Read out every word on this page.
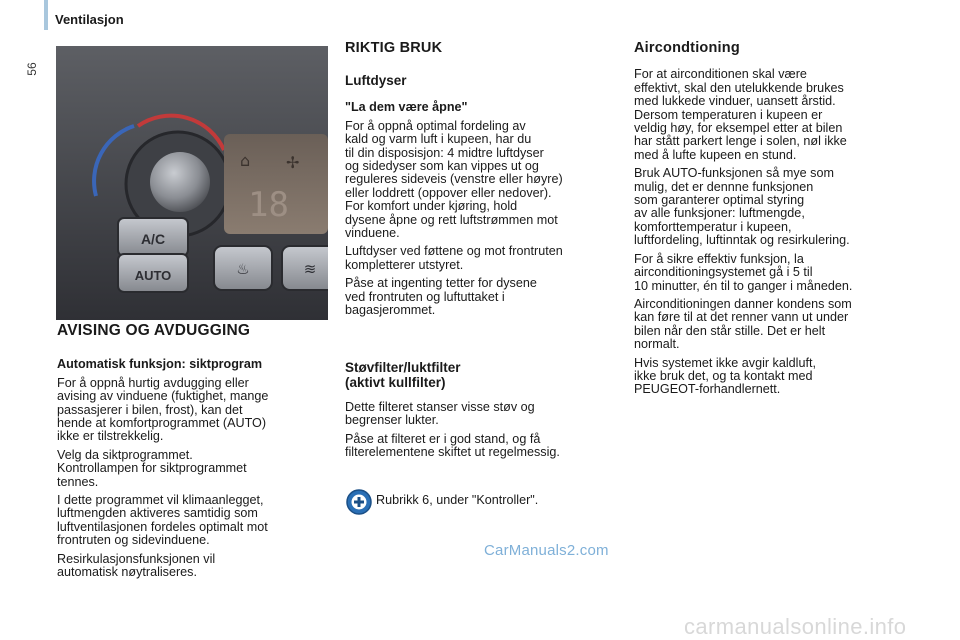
56
Ventilasjon
⌂ ✢
18
A/C
AUTO	♨	≋

AVISING OG AVDUGGING

Automatisk funksjon: siktprogram

For å oppnå hurtig avdugging eller
avising av vinduene (fuktighet, mange
passasjerer i bilen, frost), kan det
hende at komfortprogrammet (AUTO)
ikke er tilstrekkelig.

Velg da siktprogrammet.
Kontrollampen for siktprogrammet
tennes.

I dette programmet vil klimaanlegget,
luftmengden aktiveres samtidig som
luftventilasjonen fordeles optimalt mot
frontruten og sidevinduene.

Resirkulasjonsfunksjonen vil
automatisk nøytraliseres.

RIKTIG BRUK

Luftdyser

"La dem være åpne"

For å oppnå optimal fordeling av
kald og varm luft i kupeen, har du
til din disposisjon: 4 midtre luftdyser
og sidedyser som kan vippes ut og
reguleres sideveis (venstre eller høyre)
eller loddrett (oppover eller nedover).
For komfort under kjøring, hold
dysene åpne og rett luftstrømmen mot
vinduene.

Luftdyser ved føttene og mot frontruten
kompletterer utstyret.

Påse at ingenting tetter for dysene
ved frontruten og luftuttaket i
bagasjerommet.

Støvfilter/luktfilter
(aktivt kullfilter)

Dette filteret stanser visse støv og
begrenser lukter.

Påse at filteret er i god stand, og få
filterelementene skiftet ut regelmessig.

Rubrikk 6, under "Kontroller".
CarManuals2.com

Aircondtioning

For at airconditionen skal være
effektivt, skal den utelukkende brukes
med lukkede vinduer, uansett årstid.
Dersom temperaturen i kupeen er
veldig høy, for eksempel etter at bilen
har stått parkert lenge i solen, nøl ikke
med å lufte kupeen en stund.

Bruk AUTO-funksjonen så mye som
mulig, det er dennne funksjonen
som garanterer optimal styring
av alle funksjoner: luftmengde,
komforttemperatur i kupeen,
luftfordeling, luftinntak og resirkulering.

For å sikre effektiv funksjon, la
airconditioningsystemet gå i 5 til
10 minutter, én til to ganger i måneden.

Airconditioningen danner kondens som
kan føre til at det renner vann ut under
bilen når den står stille. Det er helt
normalt.

Hvis systemet ikke avgir kaldluft,
ikke bruk det, og ta kontakt med
PEUGEOT-forhandlernett.

carmanualsonline.info
